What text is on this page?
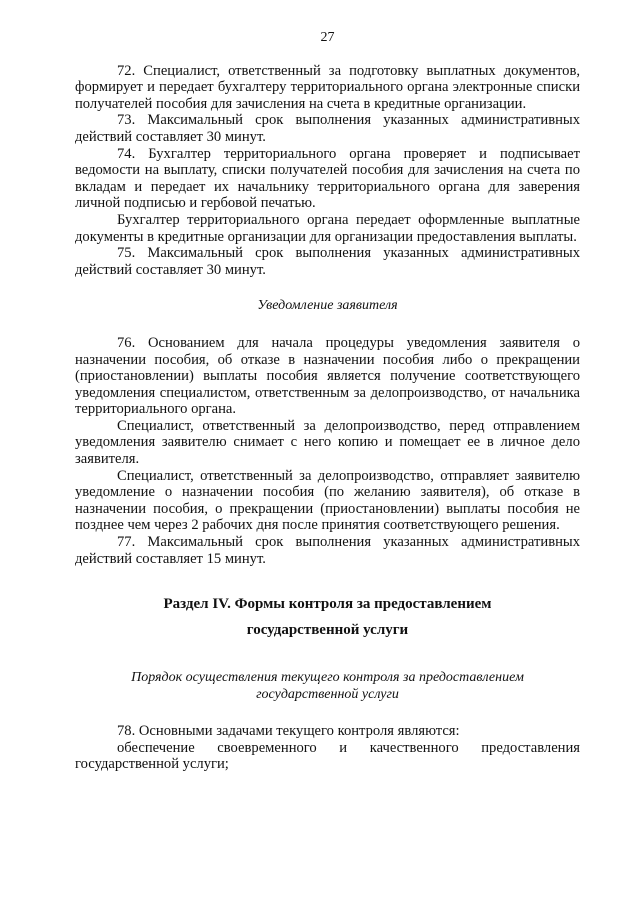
27

72. Специалист, ответственный за подготовку выплатных документов, формирует и передает бухгалтеру территориального органа электронные списки получателей пособия для зачисления на счета в кредитные организации.

73. Максимальный срок выполнения указанных административных действий составляет 30 минут.

74. Бухгалтер территориального органа проверяет и подписывает ведомости на выплату, списки получателей пособия для зачисления на счета по вкладам и передает их начальнику территориального органа для заверения личной подписью и гербовой печатью.

Бухгалтер территориального органа передает оформленные выплатные документы в кредитные организации для организации предоставления выплаты.

75. Максимальный срок выполнения указанных административных действий составляет 30 минут.

Уведомление заявителя

76. Основанием для начала процедуры уведомления заявителя о назначении пособия, об отказе в назначении пособия либо о прекращении (приостановлении) выплаты пособия является получение соответствующего уведомления специалистом, ответственным за делопроизводство, от начальника территориального органа.

Специалист, ответственный за делопроизводство, перед отправлением уведомления заявителю снимает с него копию и помещает ее в личное дело заявителя.

Специалист, ответственный за делопроизводство, отправляет заявителю уведомление о назначении пособия (по желанию заявителя), об отказе в назначении пособия, о прекращении (приостановлении) выплаты пособия не позднее чем через 2 рабочих дня после принятия соответствующего решения.

77. Максимальный срок выполнения указанных административных действий составляет 15 минут.

Раздел IV. Формы контроля за предоставлением
государственной услуги
Порядок осуществления текущего контроля за предоставлением
государственной услуги

78. Основными задачами текущего контроля являются:

обеспечение своевременного и качественного предоставления государственной услуги;
